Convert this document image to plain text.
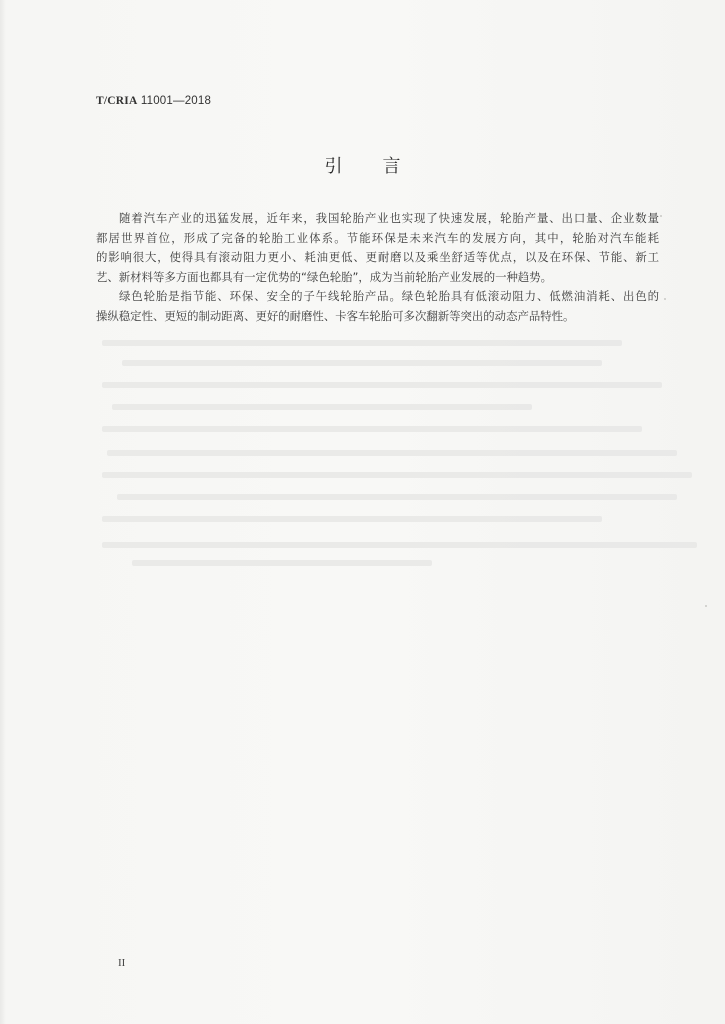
T/CRIA 11001—2018
引言
随着汽车产业的迅猛发展，近年来，我国轮胎产业也实现了快速发展，轮胎产量、出口量、企业数量
都居世界首位，形成了完备的轮胎工业体系。节能环保是未来汽车的发展方向，其中，轮胎对汽车能耗
的影响很大，使得具有滚动阻力更小、耗油更低、更耐磨以及乘坐舒适等优点，以及在环保、节能、新工
艺、新材料等多方面也都具有一定优势的“绿色轮胎”，成为当前轮胎产业发展的一种趋势。
绿色轮胎是指节能、环保、安全的子午线轮胎产品。绿色轮胎具有低滚动阻力、低燃油消耗、出色的
操纵稳定性、更短的制动距离、更好的耐磨性、卡客车轮胎可多次翻新等突出的动态产品特性。
II
